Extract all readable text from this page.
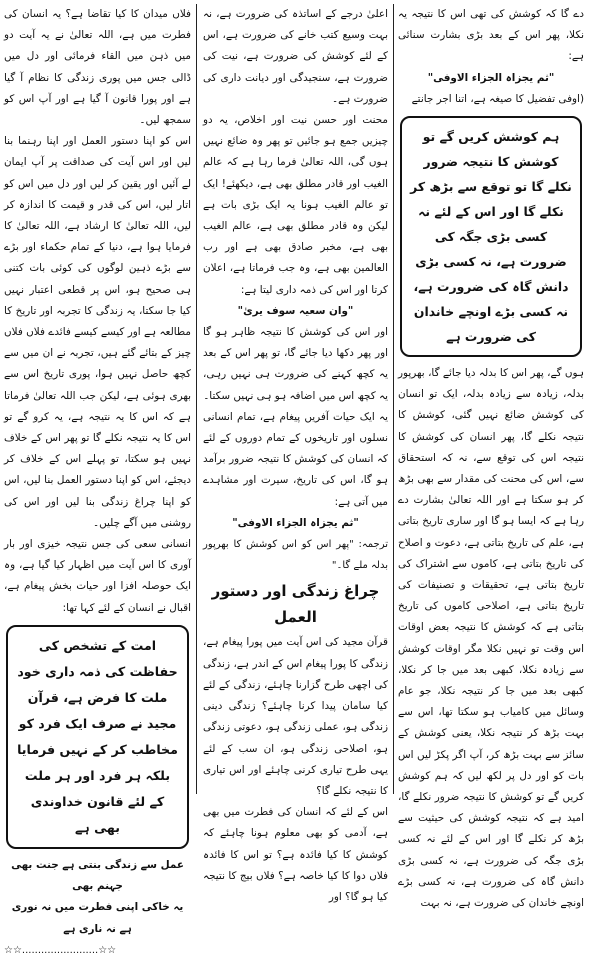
دے گا کہ کوشش کی تھی اس کا نتیجہ یہ نکلا، پھر اس کے بعد بڑی بشارت سنائی ہے:

"ثم یجزاہ الجزاء الاوفی"

(اوفی تفضیل کا صیغہ ہے، اتنا اجر جانتے

ہم کوشش کریں گے تو کوشش کا نتیجہ ضرور نکلے گا تو توقع سے بڑھ کر نکلے گا اور اس کے لئے نہ کسی بڑی جگہ کی ضرورت ہے، نہ کسی بڑی دانش گاہ کی ضرورت ہے، نہ کسی بڑے اونچے خاندان کی ضرورت ہے

ہوں گے، پھر اس کا بدلہ دیا جائے گا، بھرپور بدلہ، زیادہ سے زیادہ بدلہ، ایک تو انسان کی کوشش ضائع نہیں گئی، کوشش کا نتیجہ نکلے گا، پھر انسان کی کوشش کا نتیجہ اس کی توقع سے، نہ کہ استحقاق سے، اس کی محنت کی مقدار سے بھی بڑھ کر ہو سکتا ہے اور اللہ تعالیٰ بشارت دے رہا ہے کہ ایسا ہو گا اور ساری تاریخ بتاتی ہے، علم کی تاریخ بتاتی ہے، دعوت و اصلاح کی تاریخ بتاتی ہے، کاموں سے اشتراک کی تاریخ بتاتی ہے، تحقیقات و تصنیفات کی تاریخ بتاتی ہے، اصلاحی کاموں کی تاریخ بتاتی ہے کہ کوشش کا نتیجہ بعض اوقات اس وقت تو نہیں نکلا مگر اوقات کوشش سے زیادہ نکلا، کبھی بعد میں جا کر نکلا، کبھی بعد میں جا کر نتیجہ نکلا، جو عام وسائل میں کامیاب ہو سکتا تھا، اس سے بہت بڑھ کر نتیجہ نکلا، یعنی کوشش کے سائز سے بہت بڑھ کر، آپ اگر پکڑ لیں اس بات کو اور دل پر لکھ لیں کہ ہم کوشش کریں گے تو کوشش کا نتیجہ ضرور نکلے گا، امید ہے کہ نتیجہ کوشش کی حیثیت سے بڑھ کر نکلے گا اور اس کے لئے نہ کسی بڑی جگہ کی ضرورت ہے، نہ کسی بڑی دانش گاہ کی ضرورت ہے، نہ کسی بڑے اونچے خاندان کی ضرورت ہے، نہ بہت

اعلیٰ درجے کے اساتذہ کی ضرورت ہے، نہ بہت وسیع کتب خانے کی ضرورت ہے، اس کے لئے کوشش کی ضرورت ہے، نیت کی ضرورت ہے، سنجیدگی اور دیانت داری کی ضرورت ہے۔

محنت اور حسن نیت اور اخلاص، یہ دو چیزیں جمع ہو جائیں تو پھر وہ ضائع نہیں ہوں گی، اللہ تعالیٰ فرما رہا ہے کہ عالم الغیب اور قادر مطلق بھی ہے، دیکھئے! ایک تو عالم الغیب ہونا یہ ایک بڑی بات ہے لیکن وہ قادر مطلق بھی ہے، عالم الغیب بھی ہے، مخبر صادق بھی ہے اور رب العالمین بھی ہے، وہ جب فرماتا ہے، اعلان کرتا اور اس کی ذمہ داری لیتا ہے:

"وان سعیہ سوف یریٰ"

اور اس کی کوشش کا نتیجہ ظاہر ہو گا اور پھر دکھا دیا جائے گا، تو پھر اس کے بعد یہ کچھ کہنے کی ضرورت ہی نہیں رہی، یہ کچھ اس میں اضافہ ہو ہی نہیں سکتا۔

یہ ایک حیات آفریں پیغام ہے، تمام انسانی نسلوں اور تاریخوں کے تمام دوروں کے لئے کہ انسان کی کوشش کا نتیجہ ضرور برآمد ہو گا، اس کی تاریخ، سیرت اور مشاہدے میں آتی ہے:

"ثم یجزاہ الجزاء الاوفی"

ترجمہ: "پھر اس کو اس کوشش کا بھرپور بدلہ ملے گا۔"

چراغ زندگی اور دستور العمل

قرآن مجید کی اس آیت میں پورا پیغام ہے، زندگی کا پورا پیغام اس کے اندر ہے، زندگی کی اچھی طرح گزارنا چاہئے، زندگی کے لئے کیا سامان پیدا کرنا چاہئے؟ زندگی دینی زندگی ہو، عملی زندگی ہو، دعوتی زندگی ہو، اصلاحی زندگی ہو، ان سب کے لئے یہی طرح تیاری کرنی چاہئے اور اس تیاری کا نتیجہ نکلے گا؟

اس کے لئے کہ انسان کی فطرت میں بھی ہے، آدمی کو بھی معلوم ہونا چاہئے کہ کوشش کا کیا فائدہ ہے؟ تو اس کا فائدہ فلاں دوا کا کیا خاصہ ہے؟ فلاں بیج کا نتیجہ کیا ہو گا؟ اور

فلاں میدان کا کیا تقاضا ہے؟ یہ انسان کی فطرت میں ہے، اللہ تعالیٰ نے یہ آیت دو میں ذہن میں القاء فرمائی اور دل میں ڈالی جس میں پوری زندگی کا نظام آ گیا ہے اور پورا قانون آ گیا ہے اور آپ اس کو سمجھ لیں۔

اس کو اپنا دستور العمل اور اپنا رہنما بنا لیں اور اس آیت کی صداقت پر آپ ایمان لے آئیں اور یقین کر لیں اور دل میں اس کو اتار لیں، اس کی قدر و قیمت کا اندازہ کر لیں، اللہ تعالیٰ کا ارشاد ہے، اللہ تعالیٰ کا فرمایا ہوا ہے، دنیا کے تمام حکماء اور بڑے سے بڑے ذہین لوگوں کی کوئی بات کتنی ہی صحیح ہو، اس پر قطعی اعتبار نہیں کیا جا سکتا، یہ زندگی کا تجربہ اور تاریخ کا مطالعہ ہے اور کیسے کیسے فائدے فلاں فلاں چیز کے بتائے گئے ہیں، تجربہ نے ان میں سے کچھ حاصل نہیں ہوا، پوری تاریخ اس سے بھری ہوئی ہے، لیکن جب اللہ تعالیٰ فرماتا ہے کہ اس کا یہ نتیجہ ہے، یہ کرو گے تو اس کا یہ نتیجہ نکلے گا تو پھر اس کے خلاف نہیں ہو سکتا، تو پہلے اس کے خلاف کر دیجئے، اس کو اپنا دستور العمل بنا لیں، اس کو اپنا چراغ زندگی بنا لیں اور اس کی روشنی میں آگے چلیں۔

انسانی سعی کی جس نتیجہ خیزی اور بار آوری کا اس آیت میں اظہار کیا گیا ہے، وہ ایک حوصلہ افزا اور حیات بخش پیغام ہے، اقبال نے انسان کے لئے کہا تھا:

امت کے تشخص کی حفاظت کی ذمہ داری خود ملت کا فرض ہے، قرآن مجید نے صرف ایک فرد کو مخاطب کر کے نہیں فرمایا بلکہ ہر فرد اور ہر ملت کے لئے قانون خداوندی بھی ہے

عمل سے زندگی بنتی ہے جنت بھی جہنم بھی

یہ خاکی اپنی فطرت میں نہ نوری ہے نہ ناری ہے

☆☆........................☆☆
